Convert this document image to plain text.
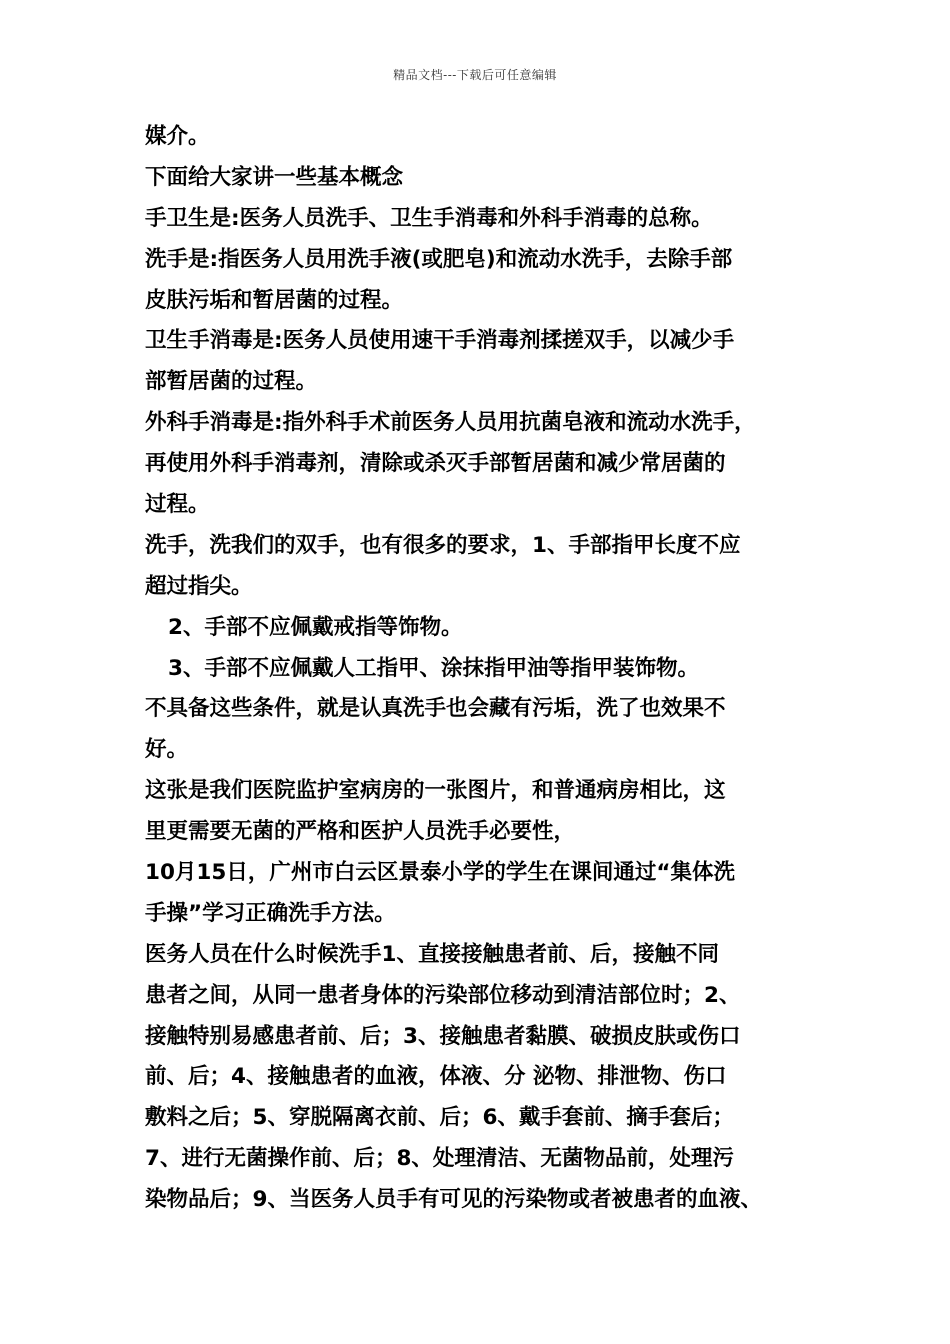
精品文档---下载后可任意编辑
媒介。
下面给大家讲一些基本概念
手卫生是:医务人员洗手、卫生手消毒和外科手消毒的总称。
洗手是:指医务人员用洗手液(或肥皂)和流动水洗手，去除手部
皮肤污垢和暂居菌的过程。
卫生手消毒是:医务人员使用速干手消毒剂揉搓双手，以减少手
部暂居菌的过程。
外科手消毒是:指外科手术前医务人员用抗菌皂液和流动水洗手，
再使用外科手消毒剂，清除或杀灭手部暂居菌和减少常居菌的
过程。
洗手，洗我们的双手，也有很多的要求，1、手部指甲长度不应
超过指尖。
2、手部不应佩戴戒指等饰物。
3、手部不应佩戴人工指甲、涂抹指甲油等指甲装饰物。
不具备这些条件，就是认真洗手也会藏有污垢，洗了也效果不
好。
这张是我们医院监护室病房的一张图片，和普通病房相比，这
里更需要无菌的严格和医护人员洗手必要性，
10月15日，广州市白云区景泰小学的学生在课间通过“集体洗
手操”学习正确洗手方法。
医务人员在什么时候洗手1、直接接触患者前、后，接触不同
患者之间，从同一患者身体的污染部位移动到清洁部位时；2、
接触特别易感患者前、后；3、接触患者黏膜、破损皮肤或伤口
前、后；4、接触患者的血液，体液、分 泌物、排泄物、伤口
敷料之后；5、穿脱隔离衣前、后；6、戴手套前、摘手套后；
7、进行无菌操作前、后；8、处理清洁、无菌物品前，处理污
染物品后；9、当医务人员手有可见的污染物或者被患者的血液、
